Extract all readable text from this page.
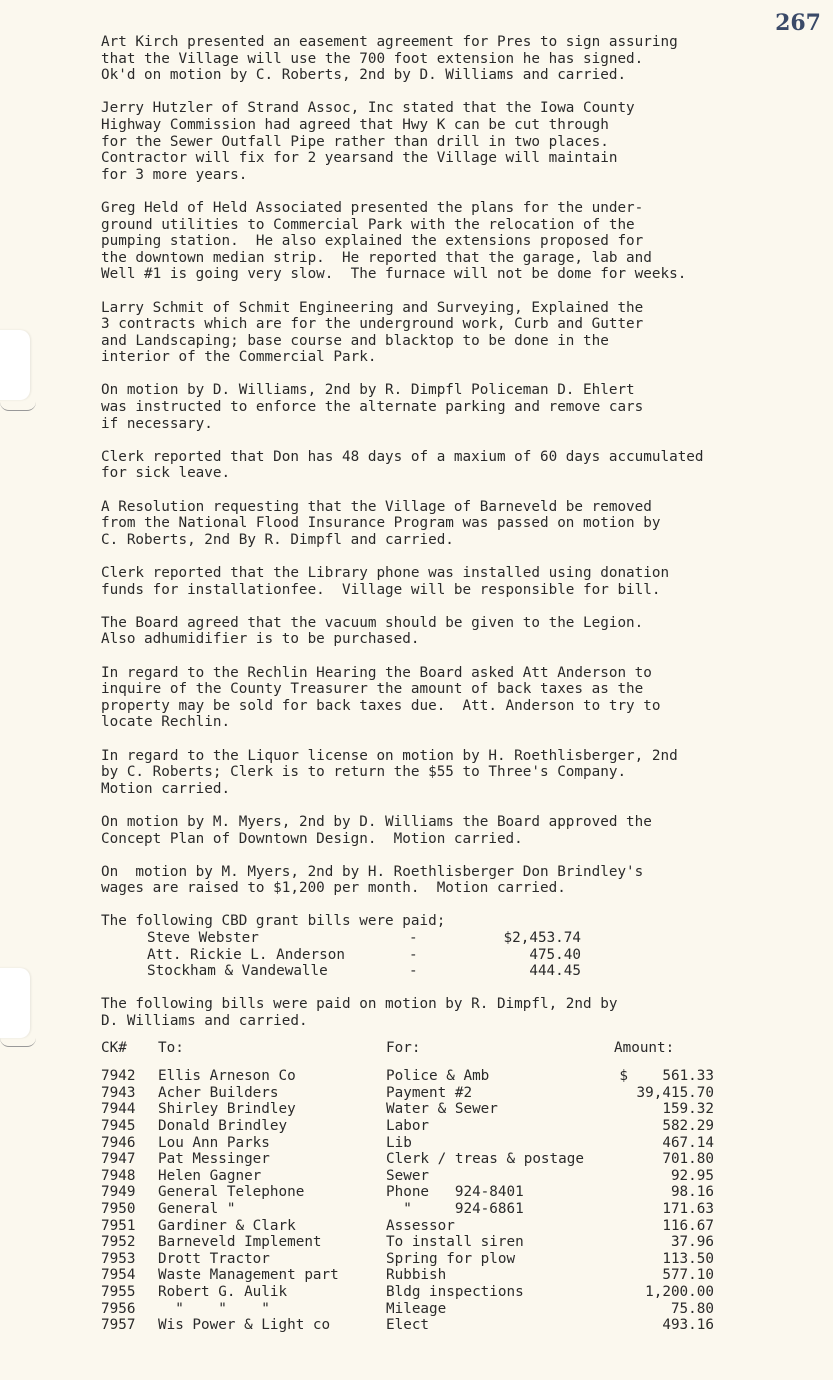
267
Art Kirch presented an easement agreement for Pres to sign assuring
that the Village will use the 700 foot extension he has signed.
Ok'd on motion by C. Roberts, 2nd by D. Williams and carried.
Jerry Hutzler of Strand Assoc, Inc stated that the Iowa County
Highway Commission had agreed that Hwy K can be cut through
for the Sewer Outfall Pipe rather than drill in two places.
Contractor will fix for 2 yearsand the Village will maintain
for 3 more years.
Greg Held of Held Associated presented the plans for the under-
ground utilities to Commercial Park with the relocation of the
pumping station.  He also explained the extensions proposed for
the downtown median strip.  He reported that the garage, lab and
Well #1 is going very slow.  The furnace will not be dome for weeks.
Larry Schmit of Schmit Engineering and Surveying, Explained the
3 contracts which are for the underground work, Curb and Gutter
and Landscaping; base course and blacktop to be done in the
interior of the Commercial Park.
On motion by D. Williams, 2nd by R. Dimpfl Policeman D. Ehlert
was instructed to enforce the alternate parking and remove cars
if necessary.
Clerk reported that Don has 48 days of a maxium of 60 days accumulated
for sick leave.
A Resolution requesting that the Village of Barneveld be removed
from the National Flood Insurance Program was passed on motion by
C. Roberts, 2nd By R. Dimpfl and carried.
Clerk reported that the Library phone was installed using donation
funds for installationfee.  Village will be responsible for bill.
The Board agreed that the vacuum should be given to the Legion.
Also adhumidifier is to be purchased.
In regard to the Rechlin Hearing the Board asked Att Anderson to
inquire of the County Treasurer the amount of back taxes as the
property may be sold for back taxes due.  Att. Anderson to try to
locate Rechlin.
In regard to the Liquor license on motion by H. Roethlisberger, 2nd
by C. Roberts; Clerk is to return the $55 to Three's Company.
Motion carried.
On motion by M. Myers, 2nd by D. Williams the Board approved the
Concept Plan of Downtown Design.  Motion carried.
On  motion by M. Myers, 2nd by H. Roethlisberger Don Brindley's
wages are raised to $1,200 per month.  Motion carried.
The following CBD grant bills were paid;
Steve Webster	-	$2,453.74
Att. Rickie L. Anderson	-	475.40
Stockham & Vandewalle	-	444.45
The following bills were paid on motion by R. Dimpfl, 2nd by
D. Williams and carried.
CK#	To:	For:	Amount:
7942	Ellis Arneson Co	Police & Amb	$    561.33
7943	Acher Builders	Payment #2	39,415.70
7944	Shirley Brindley	Water & Sewer	159.32
7945	Donald Brindley	Labor	582.29
7946	Lou Ann Parks	Lib	467.14
7947	Pat Messinger	Clerk / treas & postage	701.80
7948	Helen Gagner	Sewer	92.95
7949	General Telephone	Phone   924-8401	98.16
7950	General "	"     924-6861	171.63
7951	Gardiner & Clark	Assessor	116.67
7952	Barneveld Implement	To install siren	37.96
7953	Drott Tractor	Spring for plow	113.50
7954	Waste Management part	Rubbish	577.10
7955	Robert G. Aulik	Bldg inspections	1,200.00
7956	"    "    "	Mileage	75.80
7957	Wis Power & Light co	Elect	493.16
